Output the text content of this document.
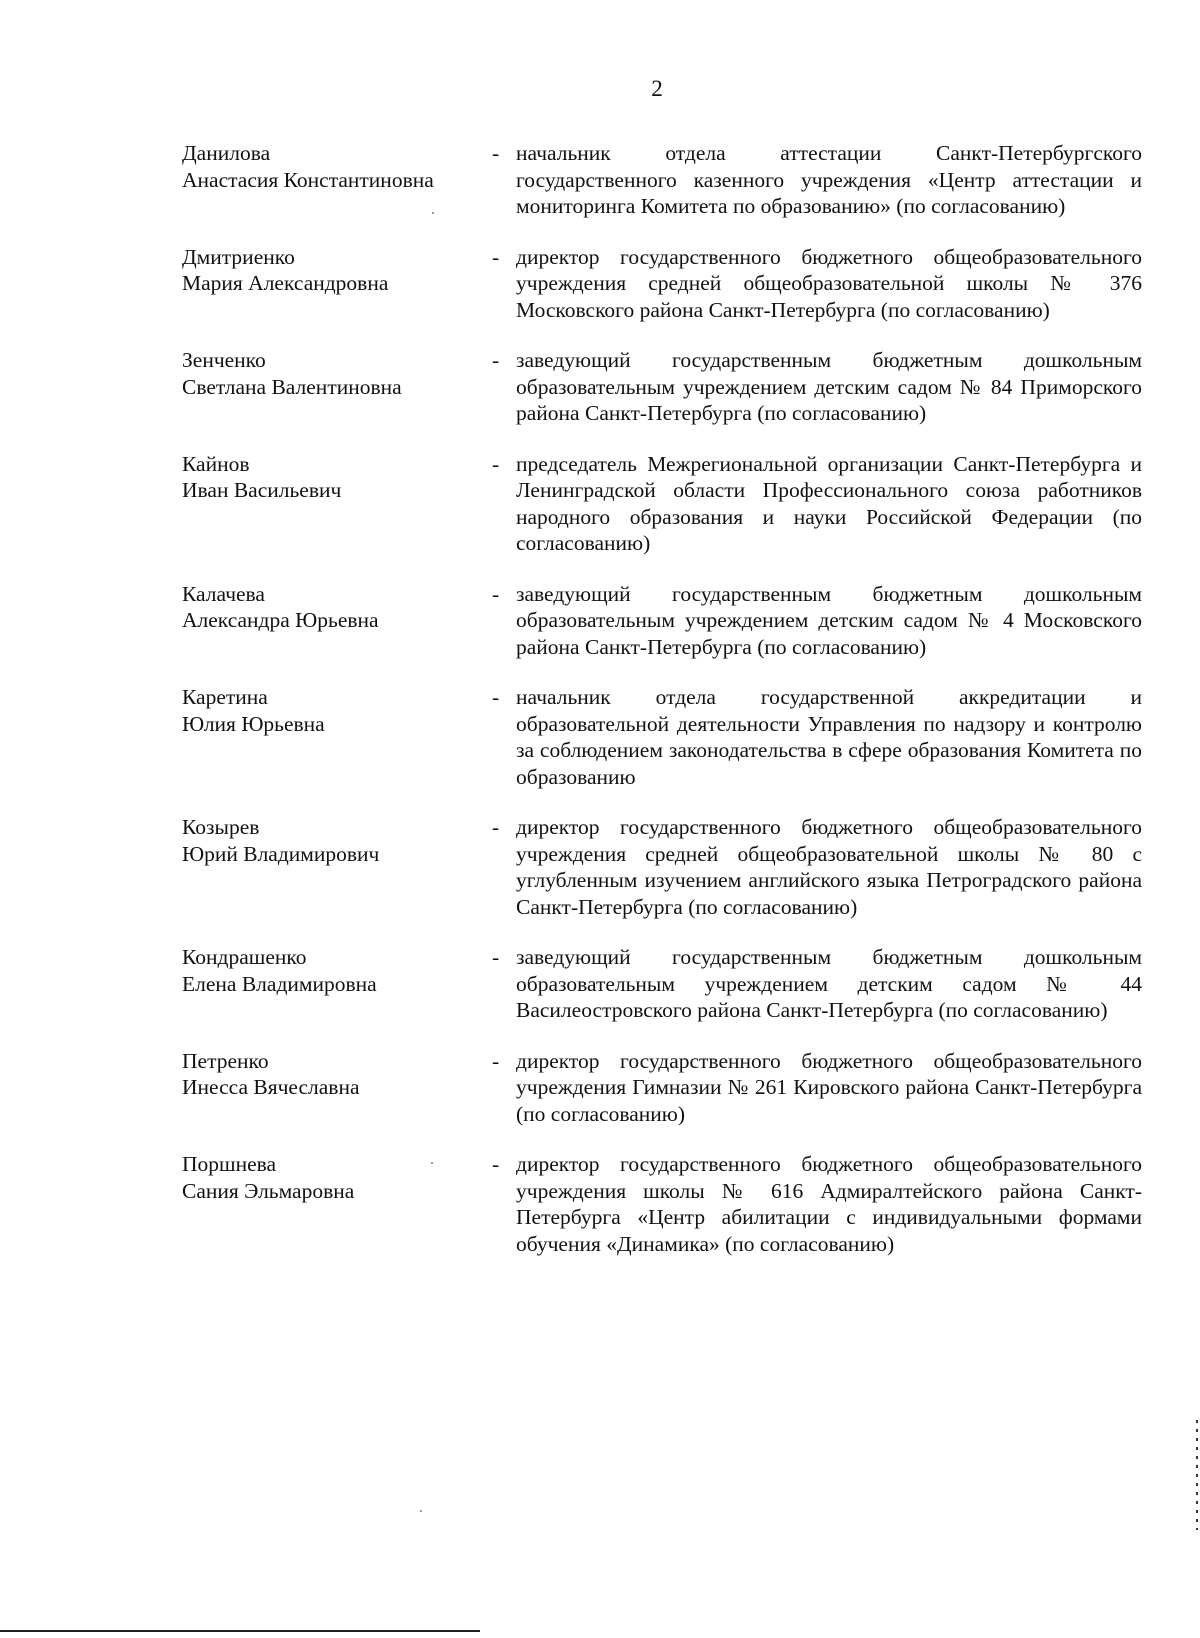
2
Данилова
Анастасия Константиновна
- начальник отдела аттестации Санкт-Петербургского государственного казенного учреждения «Центр аттестации и мониторинга Комитета по образованию» (по согласованию)
Дмитриенко
Мария Александровна
- директор государственного бюджетного общеобразовательного учреждения средней общеобразовательной школы № 376 Московского района Санкт-Петербурга (по согласованию)
Зенченко
Светлана Валентиновна
- заведующий государственным бюджетным дошкольным образовательным учреждением детским садом № 84 Приморского района Санкт-Петербурга (по согласованию)
Кайнов
Иван Васильевич
- председатель Межрегиональной организации Санкт-Петербурга и Ленинградской области Профессионального союза работников народного образования и науки Российской Федерации (по согласованию)
Калачева
Александра Юрьевна
- заведующий государственным бюджетным дошкольным образовательным учреждением детским садом № 4 Московского района Санкт-Петербурга (по согласованию)
Каретина
Юлия Юрьевна
- начальник отдела государственной аккредитации и образовательной деятельности Управления по надзору и контролю за соблюдением законодательства в сфере образования Комитета по образованию
Козырев
Юрий Владимирович
- директор государственного бюджетного общеобразовательного учреждения средней общеобразовательной школы № 80 с углубленным изучением английского языка Петроградского района Санкт-Петербурга (по согласованию)
Кондрашенко
Елена Владимировна
- заведующий государственным бюджетным дошкольным образовательным учреждением детским садом № 44 Василеостровского района Санкт-Петербурга (по согласованию)
Петренко
Инесса Вячеславна
- директор государственного бюджетного общеобразовательного учреждения Гимназии № 261 Кировского района Санкт-Петербурга (по согласованию)
Поршнева
Сания Эльмаровна
- директор государственного бюджетного общеобразовательного учреждения школы № 616 Адмиралтейского района Санкт-Петербурга «Центр абилитации с индивидуальными формами обучения «Динамика» (по согласованию)
